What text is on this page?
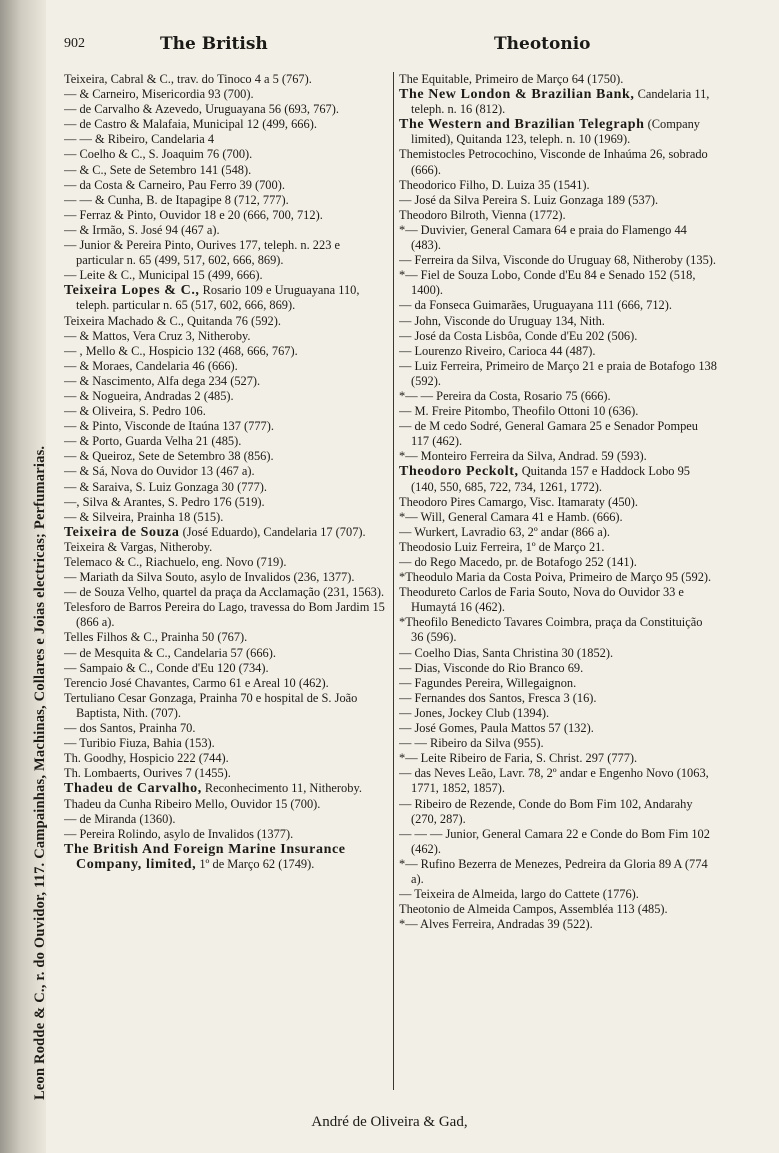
Leon Rodde & C., r. do Ouvidor, 117. Campainhas, Machinas, Collares e Joias electricas; Perfumarias.
902	The British	Theotonio

Teixeira, Cabral & C., trav. do Tinoco 4 a 5 (767).

— & Carneiro, Misericordia 93 (700).

— de Carvalho & Azevedo, Uruguayana 56 (693, 767).

— de Castro & Malafaia, Municipal 12 (499, 666).

— — & Ribeiro, Candelaria 4

— Coelho & C., S. Joaquim 76 (700).

— & C., Sete de Setembro 141 (548).

— da Costa & Carneiro, Pau Ferro 39 (700).

— — & Cunha, B. de Itapagipe 8 (712, 777).

— Ferraz & Pinto, Ouvidor 18 e 20 (666, 700, 712).

— & Irmão, S. José 94 (467 a).

— Junior & Pereira Pinto, Ourives 177, teleph. n. 223 e particular n. 65 (499, 517, 602, 666, 869).

— Leite & C., Municipal 15 (499, 666).

Teixeira Lopes & C., Rosario 109 e Uruguayana 110, teleph. particular n. 65 (517, 602, 666, 869).

Teixeira Machado & C., Quitanda 76 (592).

— & Mattos, Vera Cruz 3, Nitheroby.

— , Mello & C., Hospicio 132 (468, 666, 767).

— & Moraes, Candelaria 46 (666).

— & Nascimento, Alfa dega 234 (527).

— & Nogueira, Andradas 2 (485).

— & Oliveira, S. Pedro 106.

— & Pinto, Visconde de Itaúna 137 (777).

— & Porto, Guarda Velha 21 (485).

— & Queiroz, Sete de Setembro 38 (856).

— & Sá, Nova do Ouvidor 13 (467 a).

— & Saraiva, S. Luiz Gonzaga 30 (777).

—, Silva & Arantes, S. Pedro 176 (519).

— & Silveira, Prainha 18 (515).

Teixeira de Souza (José Eduardo), Candelaria 17 (707).

Teixeira & Vargas, Nitheroby.

Telemaco & C., Riachuelo, eng. Novo (719).

— Mariath da Silva Souto, asylo de Invalidos (236, 1377).

— de Souza Velho, quartel da praça da Acclamação (231, 1563).

Telesforo de Barros Pereira do Lago, travessa do Bom Jardim 15 (866 a).

Telles Filhos & C., Prainha 50 (767).

— de Mesquita & C., Candelaria 57 (666).

— Sampaio & C., Conde d'Eu 120 (734).

Terencio José Chavantes, Carmo 61 e Areal 10 (462).

Tertuliano Cesar Gonzaga, Prainha 70 e hospital de S. João Baptista, Nith. (707).

— dos Santos, Prainha 70.

— Turibio Fiuza, Bahia (153).

Th. Goodhy, Hospicio 222 (744).

Th. Lombaerts, Ourives 7 (1455).

Thadeu de Carvalho, Reconhecimento 11, Nitheroby.

Thadeu da Cunha Ribeiro Mello, Ouvidor 15 (700).

— de Miranda (1360).

— Pereira Rolindo, asylo de Invalidos (1377).

The British And Foreign Marine Insurance Company, limited, 1º de Março 62 (1749).

The Equitable, Primeiro de Março 64 (1750).

The New London & Brazilian Bank, Candelaria 11, teleph. n. 16 (812).

The Western and Brazilian Telegraph (Company limited), Quitanda 123, teleph. n. 10 (1969).

Themistocles Petrocochino, Visconde de Inhaúma 26, sobrado (666).

Theodorico Filho, D. Luiza 35 (1541).

— José da Silva Pereira S. Luiz Gonzaga 189 (537).

Theodoro Bilroth, Vienna (1772).

*— Duvivier, General Camara 64 e praia do Flamengo 44 (483).

— Ferreira da Silva, Visconde do Uruguay 68, Nitheroby (135).

*— Fiel de Souza Lobo, Conde d'Eu 84 e Senado 152 (518, 1400).

— da Fonseca Guimarães, Uruguayana 111 (666, 712).

— John, Visconde do Uruguay 134, Nith.

— José da Costa Lisbôa, Conde d'Eu 202 (506).

— Lourenzo Riveiro, Carioca 44 (487).

— Luiz Ferreira, Primeiro de Março 21 e praia de Botafogo 138 (592).

*— — Pereira da Costa, Rosario 75 (666).

— M. Freire Pitombo, Theofilo Ottoni 10 (636).

— de M cedo Sodré, General Gamara 25 e Senador Pompeu 117 (462).

*— Monteiro Ferreira da Silva, Andrad. 59 (593).

Theodoro Peckolt, Quitanda 157 e Haddock Lobo 95 (140, 550, 685, 722, 734, 1261, 1772).

Theodoro Pires Camargo, Visc. Itamaraty (450).

*— Will, General Camara 41 e Hamb. (666).

— Wurkert, Lavradio 63, 2º andar (866 a).

Theodosio Luiz Ferreira, 1º de Março 21.

— do Rego Macedo, pr. de Botafogo 252 (141).

*Theodulo Maria da Costa Poiva, Primeiro de Março 95 (592).

Theodureto Carlos de Faria Souto, Nova do Ouvidor 33 e Humaytá 16 (462).

*Theofilo Benedicto Tavares Coimbra, praça da Constituição 36 (596).

— Coelho Dias, Santa Christina 30 (1852).

— Dias, Visconde do Rio Branco 69.

— Fagundes Pereira, Willegaignon.

— Fernandes dos Santos, Fresca 3 (16).

— Jones, Jockey Club (1394).

— José Gomes, Paula Mattos 57 (132).

— — Ribeiro da Silva (955).

*— Leite Ribeiro de Faria, S. Christ. 297 (777).

— das Neves Leão, Lavr. 78, 2º andar e Engenho Novo (1063, 1771, 1852, 1857).

— Ribeiro de Rezende, Conde do Bom Fim 102, Andarahy (270, 287).

— — — Junior, General Camara 22 e Conde do Bom Fim 102 (462).

*— Rufino Bezerra de Menezes, Pedreira da Gloria 89 A (774 a).

— Teixeira de Almeida, largo do Cattete (1776).

Theotonio de Almeida Campos, Assembléa 113 (485).

*— Alves Ferreira, Andradas 39 (522).

André de Oliveira & Gad,
